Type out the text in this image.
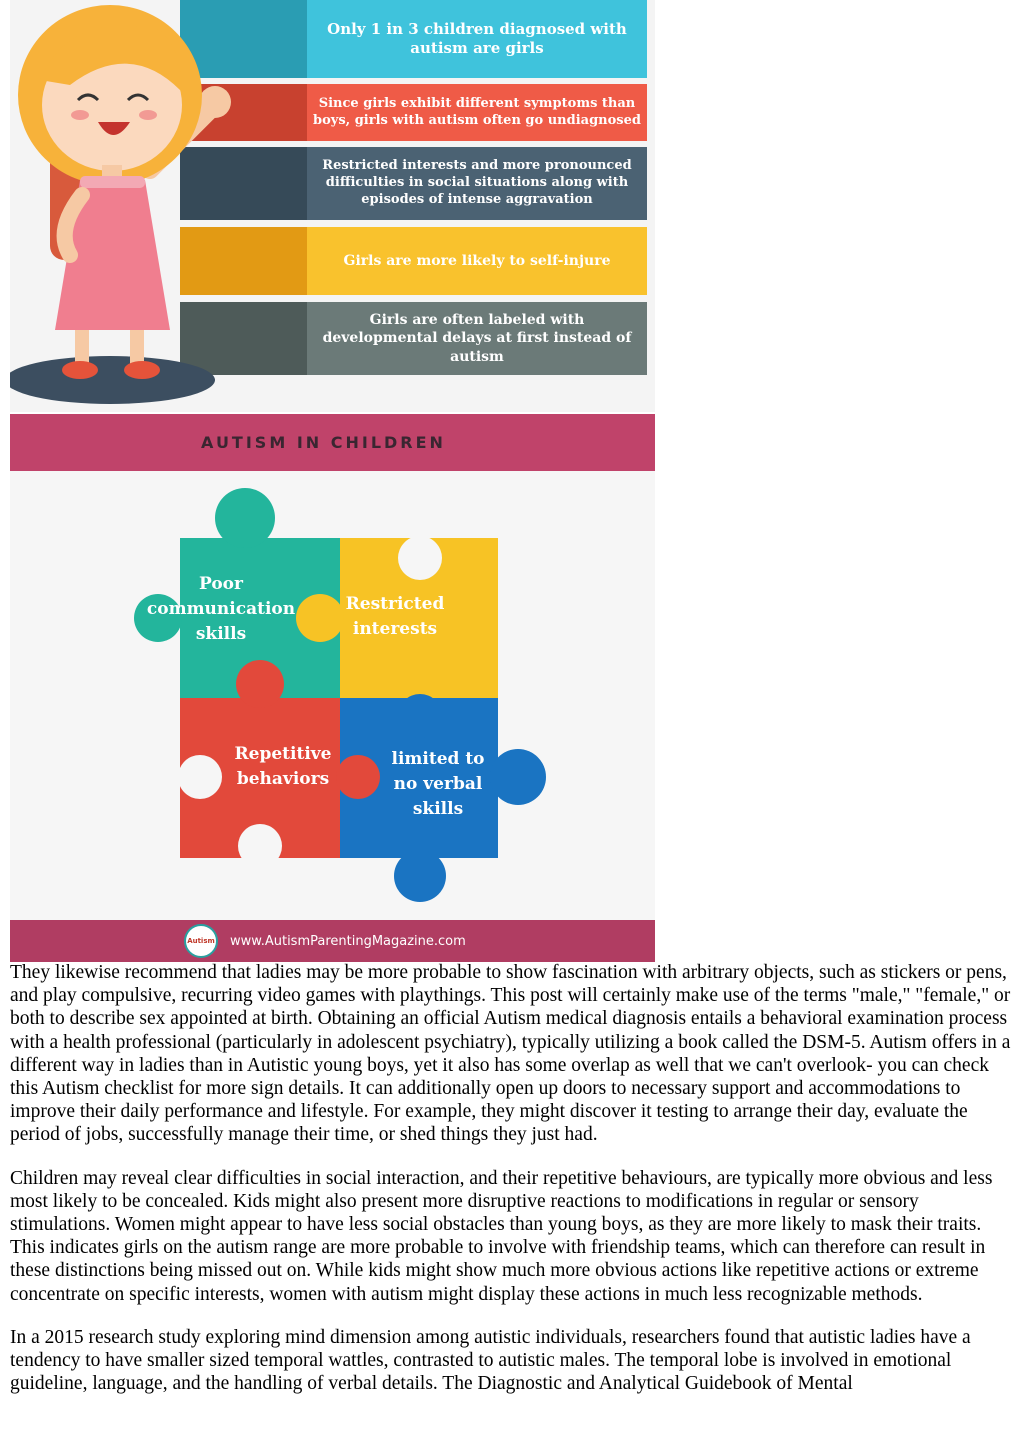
Only 1 in 3 children diagnosed with autism are girls
Since girls exhibit different symptoms than boys, girls with autism often go undiagnosed
Restricted interests and more pronounced difficulties in social situations along with episodes of intense aggravation
Girls are more likely to self-injure
Girls are often labeled with developmental delays at first instead of autism
AUTISM IN CHILDREN
Poor communication skills
Restricted interests
Repetitive behaviors
limited to no verbal skills
Autism www.AutismParentingMagazine.com

They likewise recommend that ladies may be more probable to show fascination with arbitrary objects, such as stickers or pens, and play compulsive, recurring video games with playthings. This post will certainly make use of the terms "male," "female," or both to describe sex appointed at birth. Obtaining an official Autism medical diagnosis entails a behavioral examination process with a health professional (particularly in adolescent psychiatry), typically utilizing a book called the DSM-5. Autism offers in a different way in ladies than in Autistic young boys, yet it also has some overlap as well that we can't overlook- you can check this Autism checklist for more sign details. It can additionally open up doors to necessary support and accommodations to improve their daily performance and lifestyle. For example, they might discover it testing to arrange their day, evaluate the period of jobs, successfully manage their time, or shed things they just had.

Children may reveal clear difficulties in social interaction, and their repetitive behaviours, are typically more obvious and less most likely to be concealed. Kids might also present more disruptive reactions to modifications in regular or sensory stimulations. Women might appear to have less social obstacles than young boys, as they are more likely to mask their traits. This indicates girls on the autism range are more probable to involve with friendship teams, which can therefore can result in these distinctions being missed out on. While kids might show much more obvious actions like repetitive actions or extreme concentrate on specific interests, women with autism might display these actions in much less recognizable methods.

In a 2015 research study exploring mind dimension among autistic individuals, researchers found that autistic ladies have a tendency to have smaller sized temporal wattles, contrasted to autistic males. The temporal lobe is involved in emotional guideline, language, and the handling of verbal details. The Diagnostic and Analytical Guidebook of Mental
